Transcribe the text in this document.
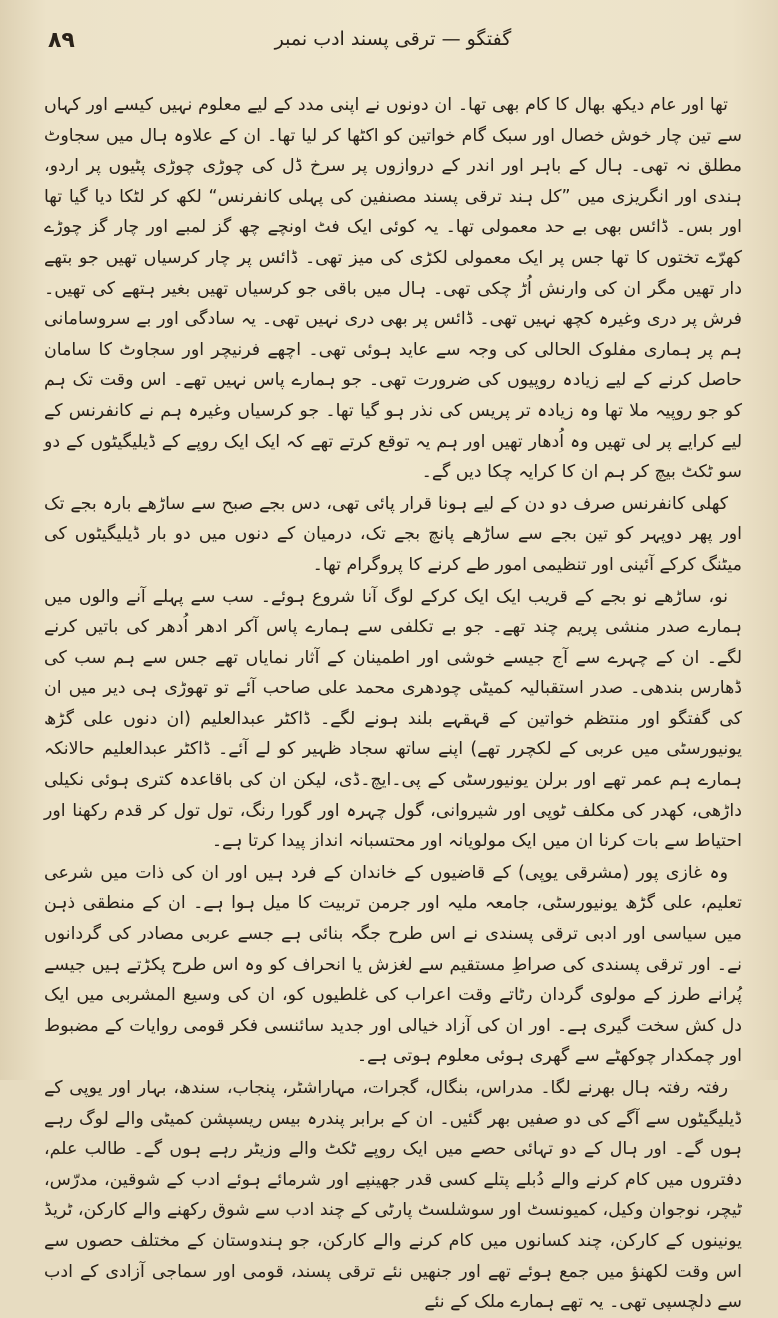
۸۹	گفتگو — ترقی پسند ادب نمبر

تھا اور عام دیکھ بھال کا کام بھی تھا۔ ان دونوں نے اپنی مدد کے لیے معلوم نہیں کیسے اور کہاں سے تین چار خوش خصال اور سبک گام خواتین کو اکٹھا کر لیا تھا۔ ان کے علاوہ ہال میں سجاوٹ مطلق نہ تھی۔ ہال کے باہر اور اندر کے دروازوں پر سرخ ڈل کی چوڑی چوڑی پٹیوں پر اردو، ہندی اور انگریزی میں ”کل ہند ترقی پسند مصنفین کی پہلی کانفرنس“ لکھ کر لٹکا دیا گیا تھا اور بس۔ ڈائس بھی بے حد معمولی تھا۔ یہ کوئی ایک فٹ اونچے چھ گز لمبے اور چار گز چوڑے کھرّے تختوں کا تھا جس پر ایک معمولی لکڑی کی میز تھی۔ ڈائس پر چار کرسیاں تھیں جو بتھے دار تھیں مگر ان کی وارنش اُڑ چکی تھی۔ ہال میں باقی جو کرسیاں تھیں بغیر ہتھے کی تھیں۔ فرش پر دری وغیرہ کچھ نہیں تھی۔ ڈائس پر بھی دری نہیں تھی۔ یہ سادگی اور بے سروسامانی ہم پر ہماری مفلوک الحالی کی وجہ سے عاید ہوئی تھی۔ اچھے فرنیچر اور سجاوٹ کا سامان حاصل کرنے کے لیے زیادہ روپیوں کی ضرورت تھی۔ جو ہمارے پاس نہیں تھے۔ اس وقت تک ہم کو جو روپیہ ملا تھا وہ زیادہ تر پریس کی نذر ہو گیا تھا۔ جو کرسیاں وغیرہ ہم نے کانفرنس کے لیے کرایے پر لی تھیں وہ اُدھار تھیں اور ہم یہ توقع کرتے تھے کہ ایک ایک روپے کے ڈیلیگیٹوں کے دو سو ٹکٹ بیچ کر ہم ان کا کرایہ چکا دیں گے۔

کھلی کانفرنس صرف دو دن کے لیے ہونا قرار پائی تھی، دس بجے صبح سے ساڑھے بارہ بجے تک اور پھر دوپہر کو تین بجے سے ساڑھے پانچ بجے تک، درمیان کے دنوں میں دو بار ڈیلیگیٹوں کی میٹنگ کرکے آئینی اور تنظیمی امور طے کرنے کا پروگرام تھا۔

نو، ساڑھے نو بجے کے قریب ایک ایک کرکے لوگ آنا شروع ہوئے۔ سب سے پہلے آنے والوں میں ہمارے صدر منشی پریم چند تھے۔ جو بے تکلفی سے ہمارے پاس آکر ادھر اُدھر کی باتیں کرنے لگے۔ ان کے چہرے سے آج جیسے خوشی اور اطمینان کے آثار نمایاں تھے جس سے ہم سب کی ڈھارس بندھی۔ صدر استقبالیہ کمیٹی چودھری محمد علی صاحب آئے تو تھوڑی ہی دیر میں ان کی گفتگو اور منتظم خواتین کے قہقہے بلند ہونے لگے۔ ڈاکٹر عبدالعلیم (ان دنوں علی گڑھ یونیورسٹی میں عربی کے لکچرر تھے) اپنے ساتھ سجاد ظہیر کو لے آئے۔ ڈاکٹر عبدالعلیم حالانکہ ہمارے ہم عمر تھے اور برلن یونیورسٹی کے پی۔ایچ۔ڈی، لیکن ان کی باقاعدہ کتری ہوئی نکیلی داڑھی، کھدر کی مکلف ٹوپی اور شیروانی، گول چہرہ اور گورا رنگ، تول تول کر قدم رکھنا اور احتیاط سے بات کرنا ان میں ایک مولویانہ اور محتسبانہ انداز پیدا کرتا ہے۔

وہ غازی پور (مشرقی یوپی) کے قاضیوں کے خاندان کے فرد ہیں اور ان کی ذات میں شرعی تعلیم، علی گڑھ یونیورسٹی، جامعہ ملیہ اور جرمن تربیت کا میل ہوا ہے۔ ان کے منطقی ذہن میں سیاسی اور ادبی ترقی پسندی نے اس طرح جگہ بنائی ہے جسے عربی مصادر کی گردانوں نے۔ اور ترقی پسندی کی صراطِ مستقیم سے لغزش یا انحراف کو وہ اس طرح پکڑتے ہیں جیسے پُرانے طرز کے مولوی گردان رٹاتے وقت اعراب کی غلطیوں کو، ان کی وسیع المشربی میں ایک دل کش سخت گیری ہے۔ اور ان کی آزاد خیالی اور جدید سائنسی فکر قومی روایات کے مضبوط اور چمکدار چوکھٹے سے گھری ہوئی معلوم ہوتی ہے۔

رفتہ رفتہ ہال بھرنے لگا۔ مدراس، بنگال، گجرات، مہاراشٹر، پنجاب، سندھ، بہار اور یوپی کے ڈیلیگیٹوں سے آگے کی دو صفیں بھر گئیں۔ ان کے برابر پندرہ بیس ریسپشن کمیٹی والے لوگ رہے ہوں گے۔ اور ہال کے دو تہائی حصے میں ایک روپے ٹکٹ والے وزیٹر رہے ہوں گے۔ طالب علم، دفتروں میں کام کرنے والے دُبلے پتلے کسی قدر جھینپے اور شرمائے ہوئے ادب کے شوقین، مدرّس، ٹیچر، نوجوان وکیل، کمیونسٹ اور سوشلسٹ پارٹی کے چند ادب سے شوق رکھنے والے کارکن، ٹریڈ یونینوں کے کارکن، چند کسانوں میں کام کرنے والے کارکن، جو ہندوستان کے مختلف حصوں سے اس وقت لکھنؤ میں جمع ہوئے تھے اور جنھیں نئے ترقی پسند، قومی اور سماجی آزادی کے ادب سے دلچسپی تھی۔ یہ تھے ہمارے ملک کے نئے
